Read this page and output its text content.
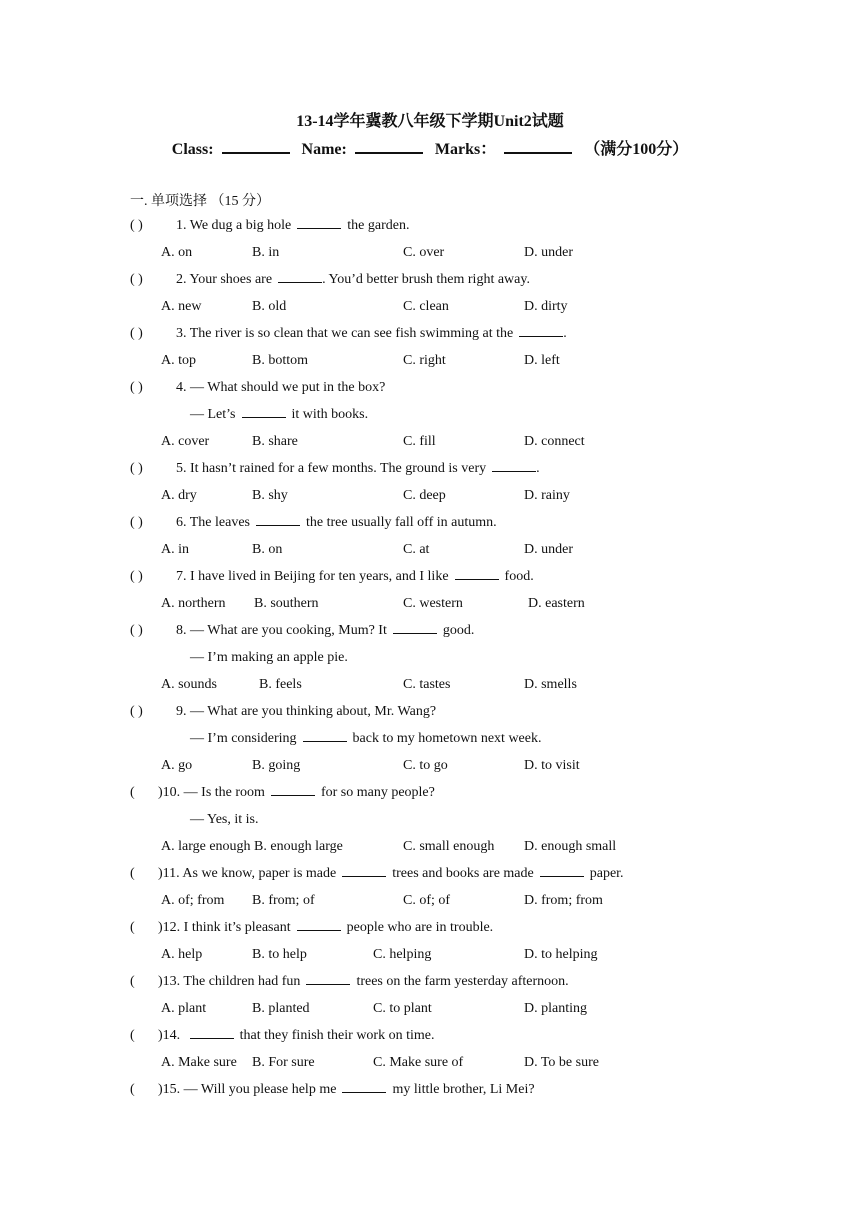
13-14学年冀教八年级下学期Unit2试题
Class:	Name:	Marks：	（满分100分）
一. 单项选择 （15 分）
( ) 1. We dug a big hole	the garden.
A. on	B. in	C. over	D. under
( ) 2. Your shoes are	. You’d better brush them right away.
A. new	B. old	C. clean	D. dirty
( ) 3. The river is so clean that we can see fish swimming at the	.
A. top	B. bottom	C. right	D. left
( ) 4. — What should we put in the box?
— Let’s	it with books.
A. cover	B. share	C. fill	D. connect
( ) 5. It hasn’t rained for a few months. The ground is very	.
A. dry	B. shy	C. deep	D. rainy
( ) 6. The leaves	the tree usually fall off in autumn.
A. in	B. on	C. at	D. under
( ) 7. I have lived in Beijing for ten years, and I like	food.
A. northern B. southern	C. western	D. eastern
( ) 8. — What are you cooking, Mum? It	good.
— I’m making an apple pie.
A. sounds	B. feels	C. tastes	D. smells
( ) 9. — What are you thinking about, Mr. Wang?
— I’m considering	back to my hometown next week.
A. go	B. going	C. to go	D. to visit
( )10. — Is the room	for so many people?
— Yes, it is.
A. large enough B. enough large	C. small enough D. enough small
( )11. As we know, paper is made	trees and books are made	paper.
A. of; from B. from; of	C. of; of	D. from; from
( )12. I think it’s pleasant	people who are in trouble.
A. help	B. to help	C. helping	D. to helping
( )13. The children had fun	trees on the farm yesterday afternoon.
A. plant	B. planted	C. to plant	D. planting
( )14.	that they finish their work on time.
A. Make sure B. For sure	C. Make sure of	D. To be sure
( )15. — Will you please help me	my little brother, Li Mei?
